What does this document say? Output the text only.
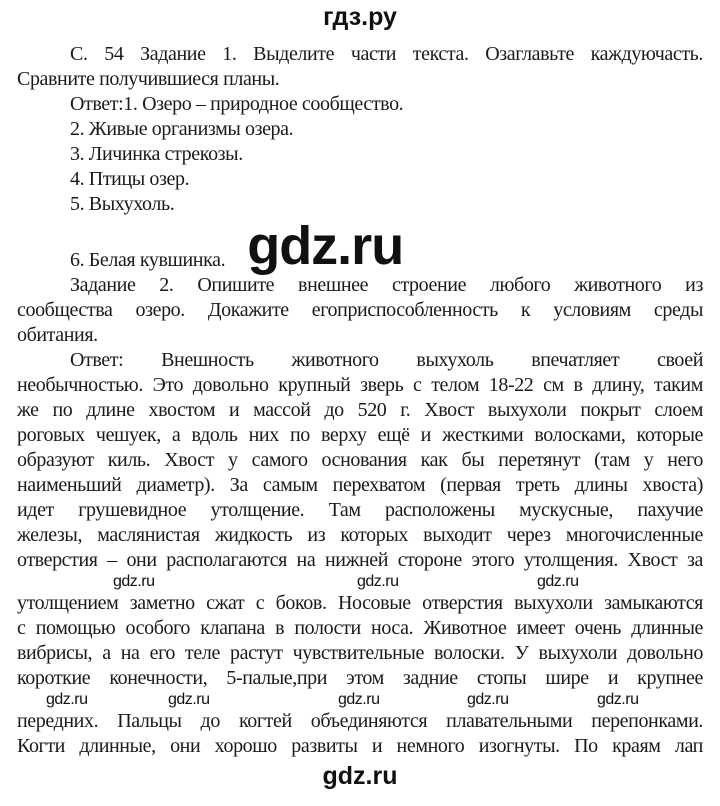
гдз.ру
С. 54 Задание 1. Выделите части текста. Озаглавьте каждуючасть.
Сравните получившиеся планы.
Ответ:1. Озеро – природное сообщество.
2. Живые организмы озера.
3. Личинка стрекозы.
4. Птицы озер.
5. Выхухоль.
6. Белая кувшинка. gdz.ru
Задание 2. Опишите внешнее строение любого животного из
сообщества озеро. Докажите егоприспособленность к условиям среды
обитания.
Ответ: Внешность животного выхухоль впечатляет своей
необычностью. Это довольно крупный зверь с телом 18-22 см в длину, таким
же по длине хвостом и массой до 520 г. Хвост выхухоли покрыт слоем
роговых чешуек, а вдоль них по верху ещё и жесткими волосками, которые
образуют киль. Хвост у самого основания как бы перетянут (там у него
наименьший диаметр). За самым перехватом (первая треть длины хвоста)
идет грушевидное утолщение. Там расположены мускусные, пахучие
железы, маслянистая жидкость из которых выходит через многочисленные
отверстия – они располагаются на нижней стороне этого утолщения. Хвост за
gdz.ru	gdz.ru	gdz.ru
утолщением заметно сжат с боков. Носовые отверстия выхухоли замыкаются
с помощью особого клапана в полости носа. Животное имеет очень длинные
вибрисы, а на его теле растут чувствительные волоски. У выхухоли довольно
короткие конечности, 5-палые,при этом задние стопы шире и крупнее
gdz.ru	gdz.ru	gdz.ru	gdz.ru	gdz.ru
передних. Пальцы до когтей объединяются плавательными перепонками.
Когти длинные, они хорошо развиты и немного изогнуты. По краям лап
gdz.ru
